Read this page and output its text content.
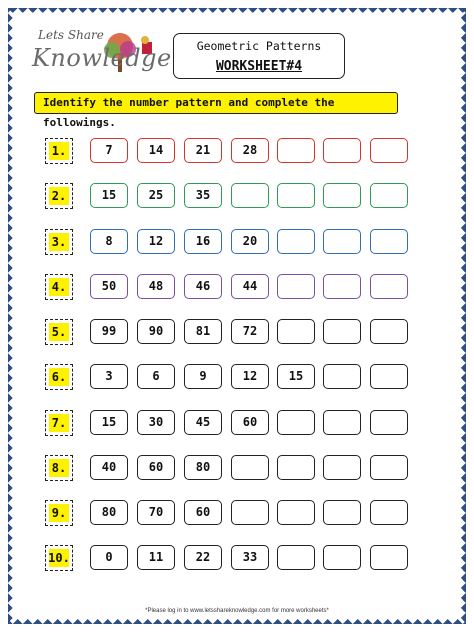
Lets Share
Knowledge	Geometric Patterns
WORKSHEET#4
Identify the number pattern and complete the followings.
1.	7	14	21	28
2.	15	25	35
3.	8	12	16	20
4.	50	48	46	44
5.	99	90	81	72
6.	3	6	9	12	15
7.	15	30	45	60
8.	40	60	80
9.	80	70	60
10.	0	11	22	33
*Please log in to www.letsshareknowledge.com for more worksheets*
